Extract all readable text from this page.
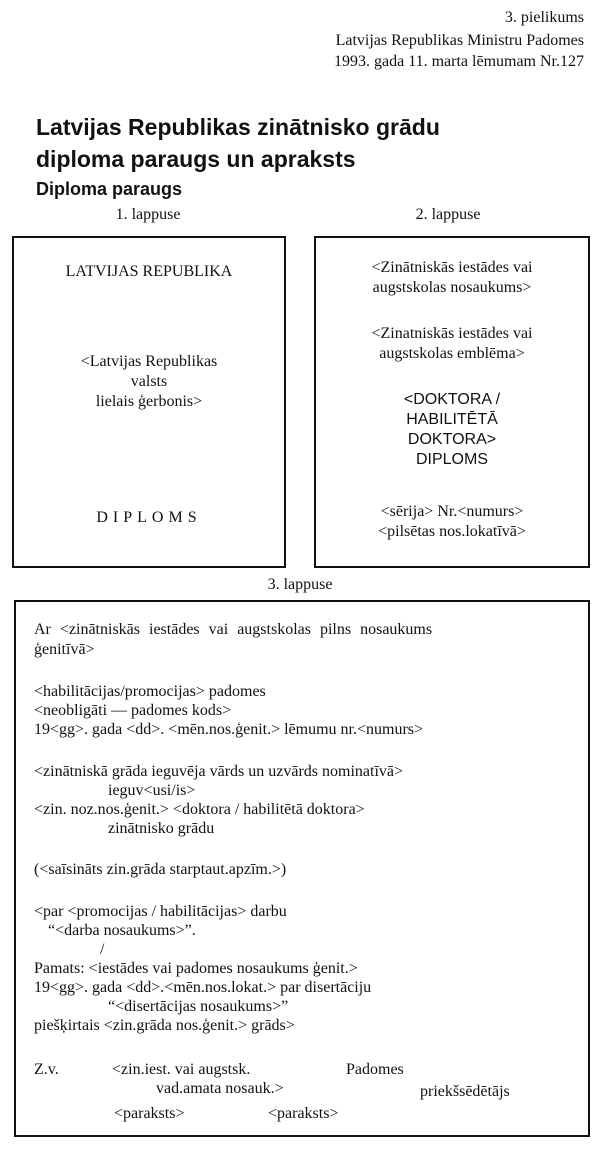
3. pielikums
Latvijas Republikas Ministru Padomes
1993. gada 11. marta lēmumam Nr.127
Latvijas Republikas zinātnisko grādu
diploma paraugs un apraksts
Diploma paraugs
1. lappuse	2. lappuse
LATVIJAS REPUBLIKA
<Latvijas Republikas
valsts
lielais ģerbonis>
DIPLOMS
<Zinātniskās iestādes vai
augstskolas nosaukums>
<Zinatniskās iestādes vai
augstskolas emblēma>
<DOKTORA /
HABILITĒTĀ
DOKTORA>
DIPLOMS
<sērija> Nr.<numurs>
<pilsētas nos.lokatīvā>
3. lappuse
Ar <zinātniskās iestādes vai augstskolas pilns nosaukums
ģenitīvā>
<habilitācijas/promocijas> padomes
<neobligāti — padomes kods>
19<gg>. gada <dd>. <mēn.nos.ģenit.> lēmumu nr.<numurs>
<zinātniskā grāda ieguvēja vārds un uzvārds nominatīvā>
ieguv<usi/is>
<zin. noz.nos.ģenit.> <doktora / habilitētā doktora>
zinātnisko grādu
(<saīsināts zin.grāda starptaut.apzīm.>)
<par <promocijas / habilitācijas> darbu
“<darba nosaukums>”.
/
Pamats: <iestādes vai padomes nosaukums ģenit.>
19<gg>. gada <dd>.<mēn.nos.lokat.> par disertāciju
“<disertācijas nosaukums>”
piešķirtais <zin.grāda nos.ģenit.> grāds>
Z.v.	<zin.iest. vai augstsk.
vad.amata nosauk.>
Padomes
priekšsēdētājs
<paraksts>	<paraksts>
